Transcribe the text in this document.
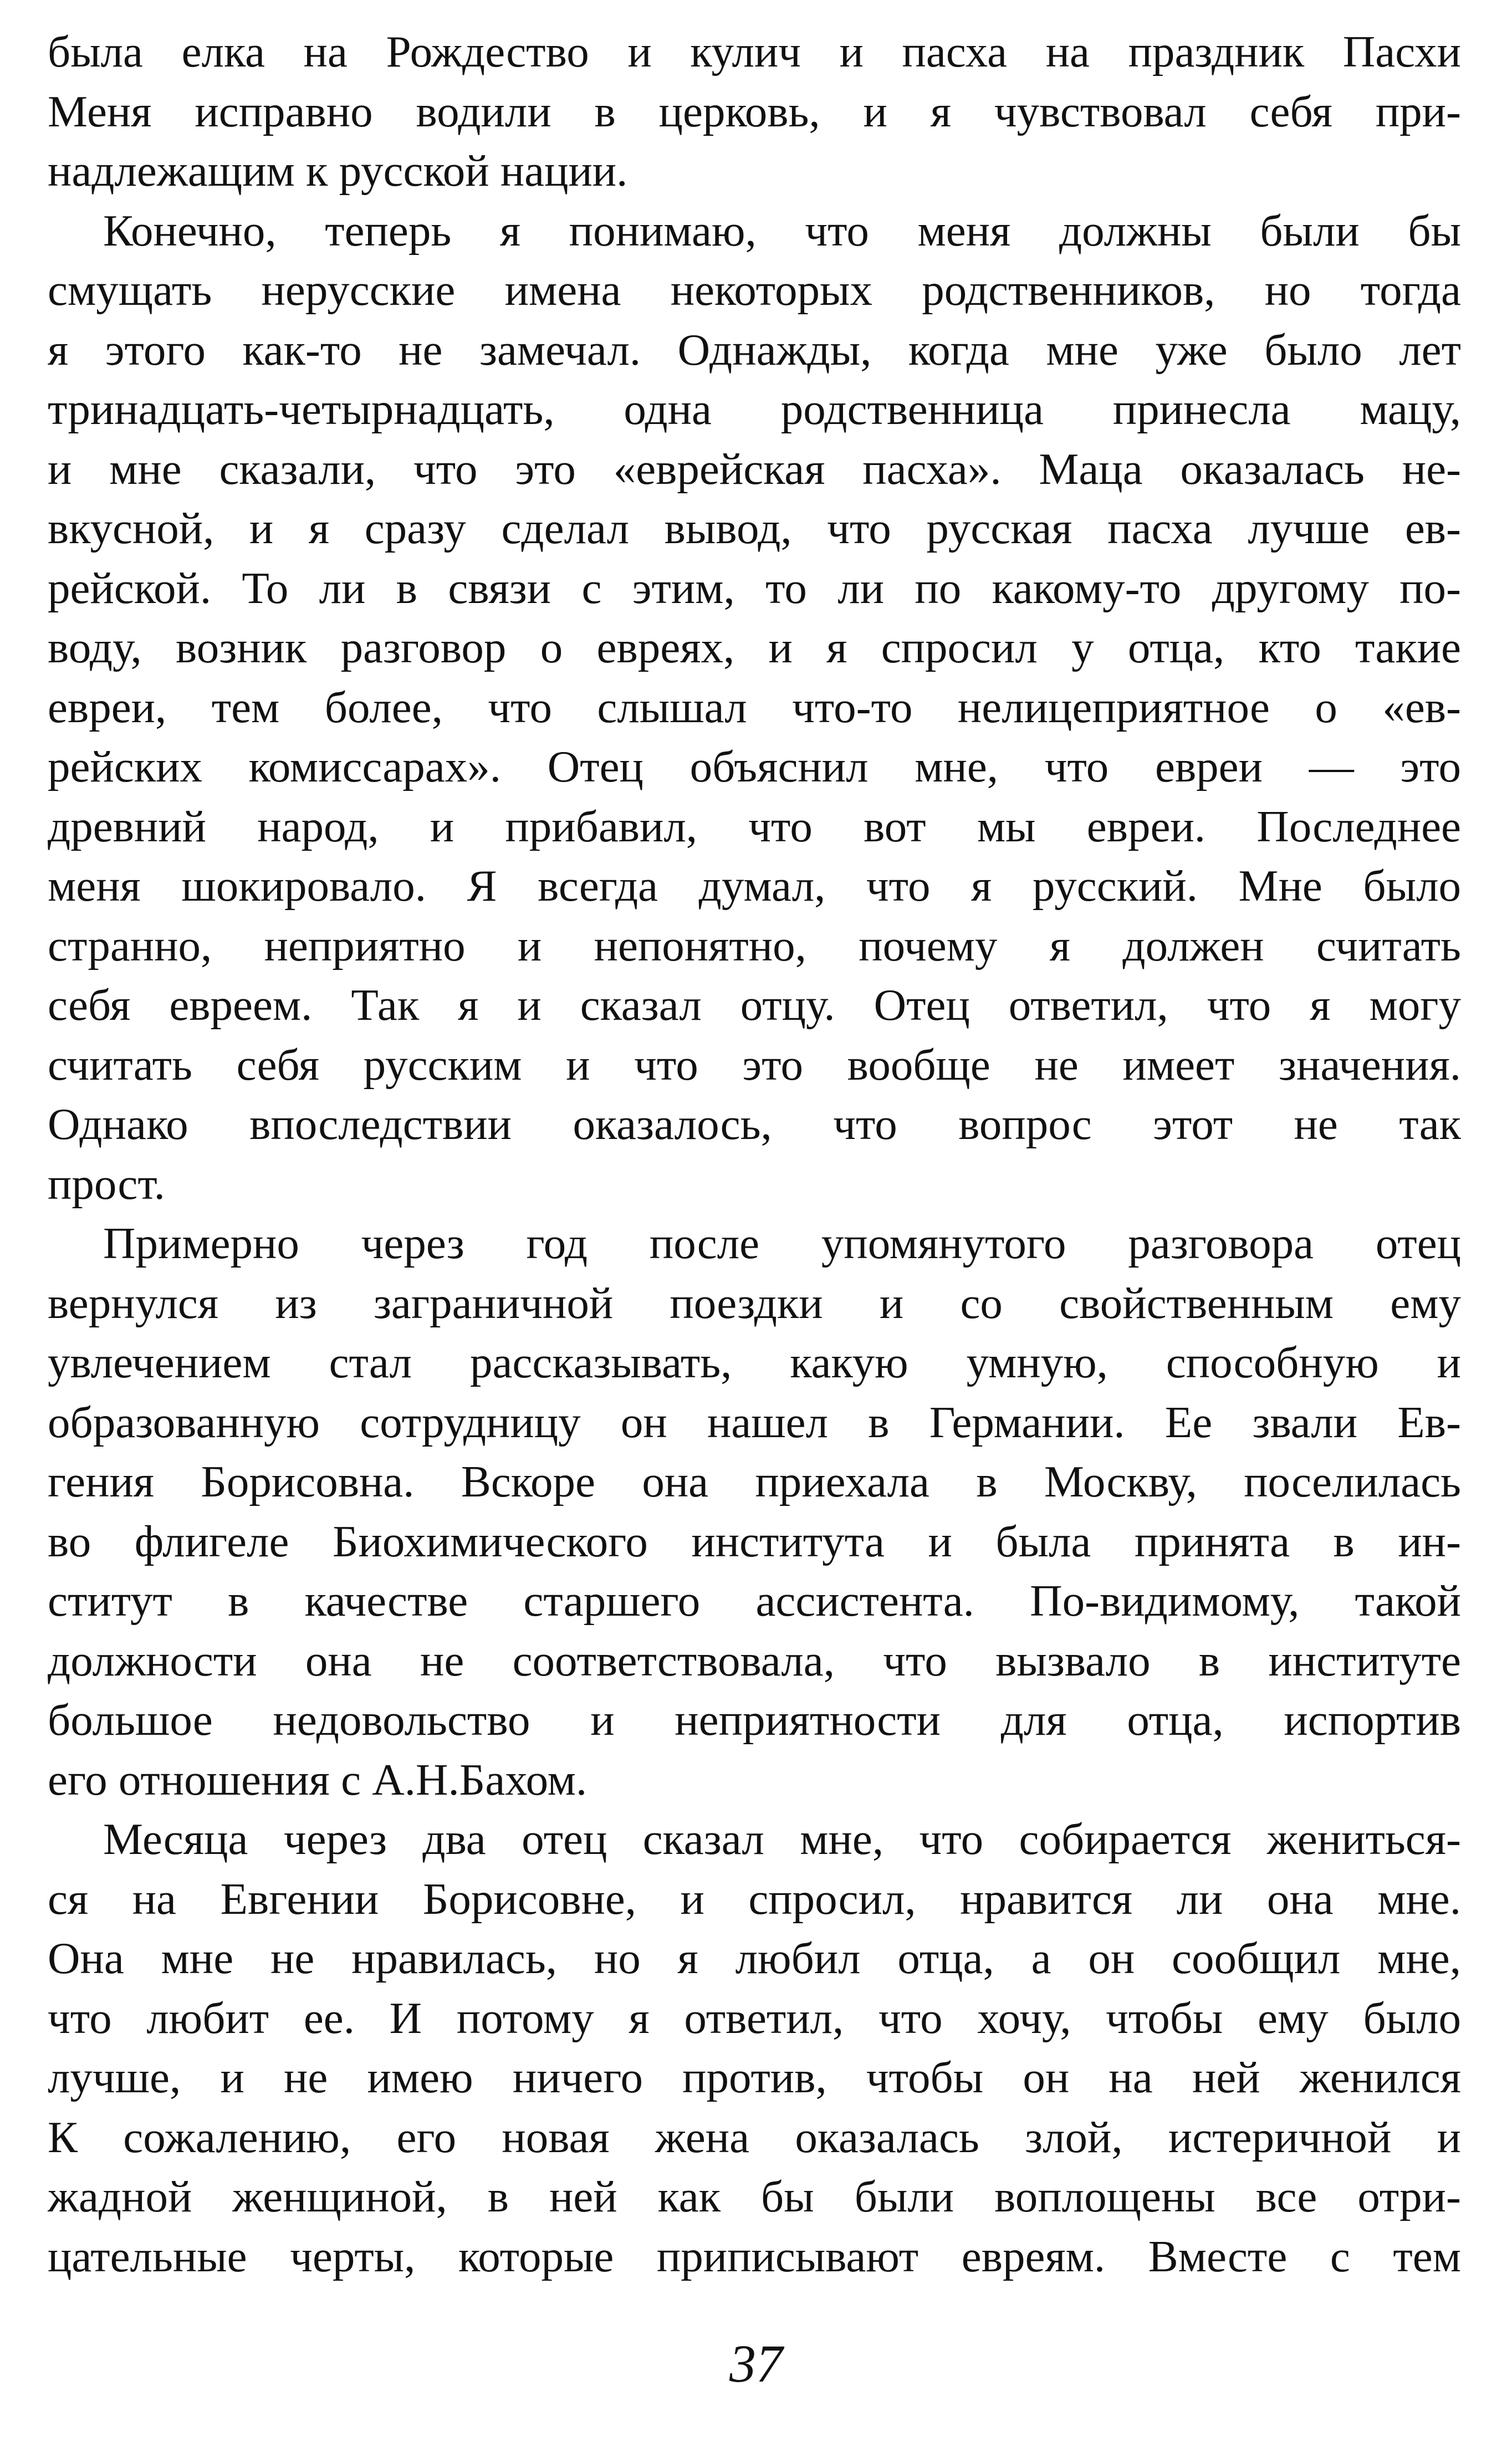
была елка на Рождество и кулич и пасха на праздник Пасхи
Меня исправно водили в церковь, и я чувствовал себя при-
надлежащим к русской нации.
Конечно, теперь я понимаю, что меня должны были бы
смущать нерусские имена некоторых родственников, но тогда
я этого как-то не замечал. Однажды, когда мне уже было лет
тринадцать-четырнадцать, одна родственница принесла мацу,
и мне сказали, что это «еврейская пасха». Маца оказалась не-
вкусной, и я сразу сделал вывод, что русская пасха лучше ев-
рейской. То ли в связи с этим, то ли по какому-то другому по-
воду, возник разговор о евреях, и я спросил у отца, кто такие
евреи, тем более, что слышал что-то нелицеприятное о «ев-
рейских комиссарах». Отец объяснил мне, что евреи — это
древний народ, и прибавил, что вот мы евреи. Последнее
меня шокировало. Я всегда думал, что я русский. Мне было
странно, неприятно и непонятно, почему я должен считать
себя евреем. Так я и сказал отцу. Отец ответил, что я могу
считать себя русским и что это вообще не имеет значения.
Однако впоследствии оказалось, что вопрос этот не так
прост.
Примерно через год после упомянутого разговора отец
вернулся из заграничной поездки и со свойственным ему
увлечением стал рассказывать, какую умную, способную и
образованную сотрудницу он нашел в Германии. Ее звали Ев-
гения Борисовна. Вскоре она приехала в Москву, поселилась
во флигеле Биохимического института и была принята в ин-
ститут в качестве старшего ассистента. По-видимому, такой
должности она не соответствовала, что вызвало в институте
большое недовольство и неприятности для отца, испортив
его отношения с А.Н.Бахом.
Месяца через два отец сказал мне, что собирается жениться-
ся на Евгении Борисовне, и спросил, нравится ли она мне.
Она мне не нравилась, но я любил отца, а он сообщил мне,
что любит ее. И потому я ответил, что хочу, чтобы ему было
лучше, и не имею ничего против, чтобы он на ней женился
К сожалению, его новая жена оказалась злой, истеричной и
жадной женщиной, в ней как бы были воплощены все отри-
цательные черты, которые приписывают евреям. Вместе с тем
37
